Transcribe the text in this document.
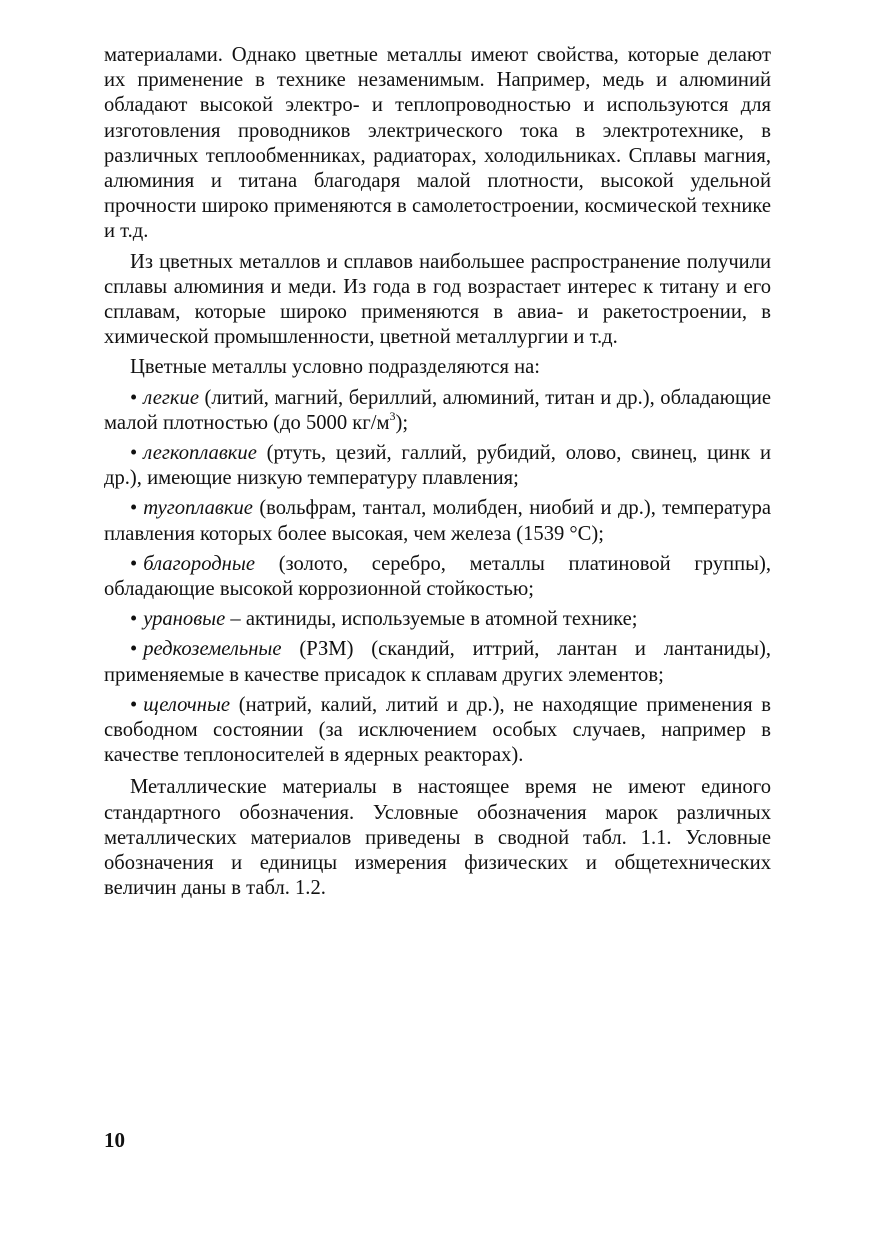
материалами. Однако цветные металлы имеют свойства, которые делают их применение в технике незаменимым. Например, медь и алюминий обладают высокой электро- и теплопроводностью и используются для изготовления проводников электрического тока в электротехнике, в различных теплообменниках, радиаторах, холодильниках. Сплавы магния, алюминия и титана благодаря малой плотности, высокой удельной прочности широко применяются в самолетостроении, космической технике и т.д.

Из цветных металлов и сплавов наибольшее распространение получили сплавы алюминия и меди. Из года в год возрастает интерес к титану и его сплавам, которые широко применяются в авиа- и ракетостроении, в химической промышленности, цветной металлургии и т.д.

Цветные металлы условно подразделяются на:

• легкие (литий, магний, бериллий, алюминий, титан и др.), обладающие малой плотностью (до 5000 $кг/м^3$);

• легкоплавкие (ртуть, цезий, галлий, рубидий, олово, свинец, цинк и др.), имеющие низкую температуру плавления;

• тугоплавкие (вольфрам, тантал, молибден, ниобий и др.), температура плавления которых более высокая, чем железа (1539 °С);

• благородные (золото, серебро, металлы платиновой группы), обладающие высокой коррозионной стойкостью;

• урановые – актиниды, используемые в атомной технике;

• редкоземельные (РЗМ) (скандий, иттрий, лантан и лантаниды), применяемые в качестве присадок к сплавам других элементов;

• щелочные (натрий, калий, литий и др.), не находящие применения в свободном состоянии (за исключением особых случаев, например в качестве теплоносителей в ядерных реакторах).

Металлические материалы в настоящее время не имеют единого стандартного обозначения. Условные обозначения марок различных металлических материалов приведены в сводной табл. 1.1. Условные обозначения и единицы измерения физических и общетехнических величин даны в табл. 1.2.

10
